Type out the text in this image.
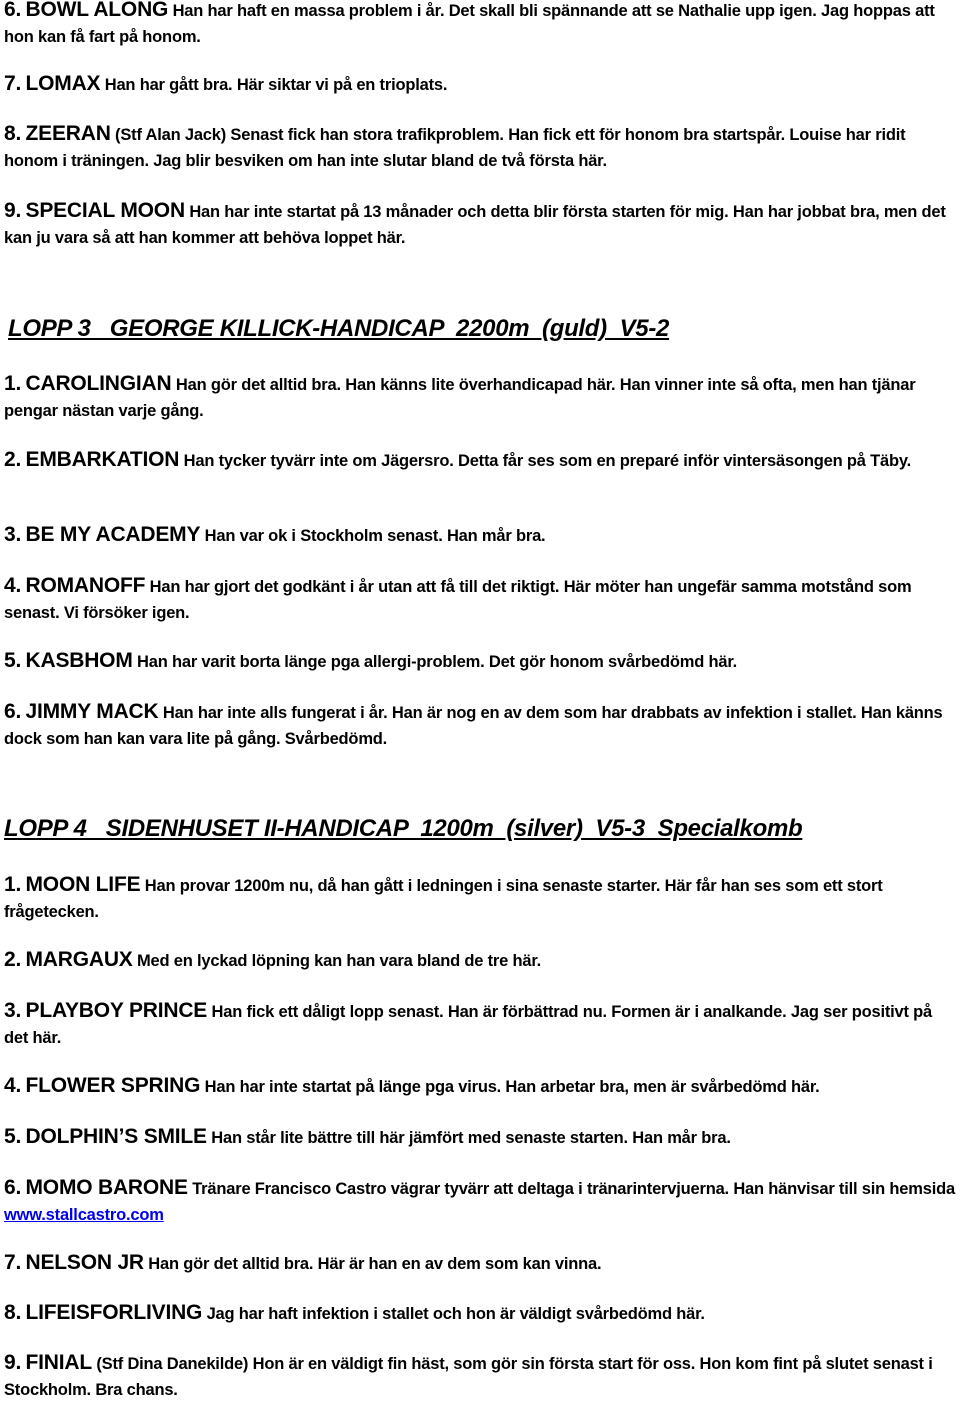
6. BOWL ALONG Han har haft en massa problem i år. Det skall bli spännande att se Nathalie upp igen. Jag hoppas att hon kan få fart på honom.
7. LOMAX Han har gått bra. Här siktar vi på en trioplats.
8. ZEERAN (Stf Alan Jack) Senast fick han stora trafikproblem. Han fick ett för honom bra startspår. Louise har ridit honom i träningen. Jag blir besviken om han inte slutar bland de två första här.
9. SPECIAL MOON Han har inte startat på 13 månader och detta blir första starten för mig. Han har jobbat bra, men det kan ju vara så att han kommer att behöva loppet här.
LOPP 3   GEORGE KILLICK-HANDICAP  2200m  (guld)  V5-2
1. CAROLINGIAN Han gör det alltid bra. Han känns lite överhandicapad här. Han vinner inte så ofta, men han tjänar pengar nästan varje gång.
2. EMBARKATION Han tycker tyvärr inte om Jägersro. Detta får ses som en preparé inför vintersäsongen på Täby.
3. BE MY ACADEMY Han var ok i Stockholm senast. Han mår bra.
4. ROMANOFF Han har gjort det godkänt i år utan att få till det riktigt. Här möter han ungefär samma motstånd som senast. Vi försöker igen.
5. KASBHOM Han har varit borta länge pga allergi-problem. Det gör honom svårbedömd här.
6. JIMMY MACK Han har inte alls fungerat i år. Han är nog en av dem som har drabbats av infektion i stallet. Han känns dock som han kan vara lite på gång. Svårbedömd.
LOPP 4   SIDENHUSET II-HANDICAP  1200m  (silver)  V5-3  Specialkomb
1. MOON LIFE Han provar 1200m nu, då han gått i ledningen i sina senaste starter. Här får han ses som ett stort frågetecken.
2. MARGAUX Med en lyckad löpning kan han vara bland de tre här.
3. PLAYBOY PRINCE Han fick ett dåligt lopp senast. Han är förbättrad nu. Formen är i analkande. Jag ser positivt på det här.
4. FLOWER SPRING Han har inte startat på länge pga virus. Han arbetar bra, men är svårbedömd här.
5. DOLPHIN’S SMILE Han står lite bättre till här jämfört med senaste starten. Han mår bra.
6. MOMO BARONE Tränare Francisco Castro vägrar tyvärr att deltaga i tränarintervjuerna. Han hänvisar till sin hemsida www.stallcastro.com
7. NELSON JR Han gör det alltid bra. Här är han en av dem som kan vinna.
8. LIFEISFORLIVING Jag har haft infektion i stallet och hon är väldigt svårbedömd här.
9. FINIAL (Stf Dina Danekilde) Hon är en väldigt fin häst, som gör sin första start för oss. Hon kom fint på slutet senast i Stockholm. Bra chans.
